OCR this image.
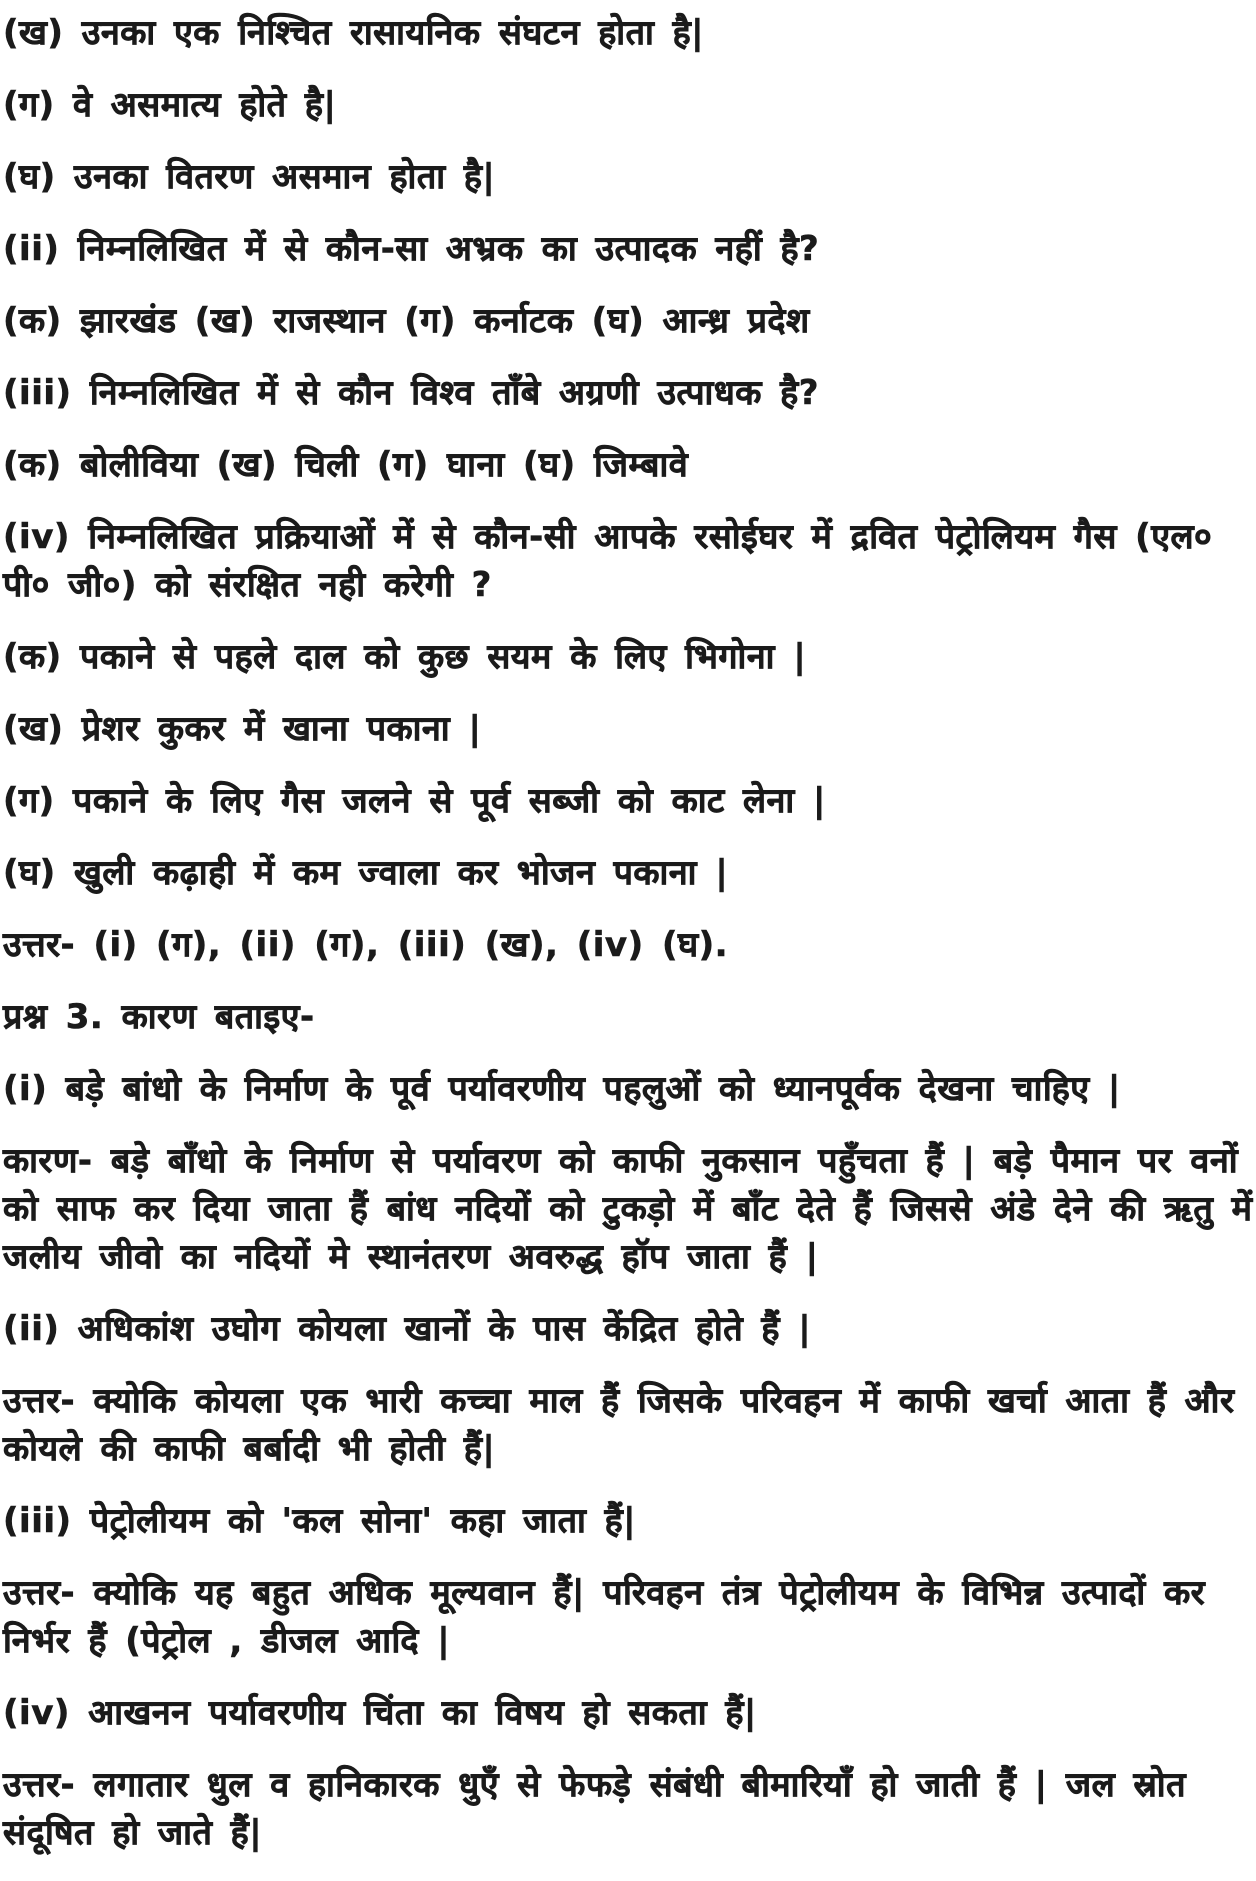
(ख) उनका एक निश्चित रासायनिक संघटन होता है|
(ग) वे असमात्य होते है|
(घ) उनका वितरण असमान होता है|
(ii) निम्नलिखित में से कौन-सा अभ्रक का उत्पादक नहीं है?
(क) झारखंड (ख) राजस्थान (ग) कर्नाटक (घ) आन्ध्र प्रदेश
(iii) निम्नलिखित में से कौन विश्व ताँबे अग्रणी उत्पाधक है?
(क) बोलीविया (ख) चिली (ग) घाना (घ) जिम्बावे
(iv) निम्नलिखित प्रक्रियाओं में से कौन-सी आपके रसोईघर में द्रवित पेट्रोलियम गैस (एल० पी० जी०) को संरक्षित नही करेगी ?
(क) पकाने से पहले दाल को कुछ सयम के लिए भिगोना |
(ख) प्रेशर कुकर में खाना पकाना |
(ग) पकाने के लिए गैस जलने से पूर्व सब्जी को काट लेना |
(घ) खुली कढ़ाही में कम ज्वाला कर भोजन पकाना |
उत्तर- (i) (ग), (ii) (ग), (iii) (ख), (iv) (घ).
प्रश्न 3. कारण बताइए-
(i) बड़े बांधो के निर्माण के पूर्व पर्यावरणीय पहलुओं को ध्यानपूर्वक देखना चाहिए |
कारण- बड़े बाँधो के निर्माण से पर्यावरण को काफी नुकसान पहुँचता हैं | बड़े पैमान पर वनों को साफ कर दिया जाता हैं बांध नदियों को टुकड़ो में बाँट देते हैं जिससे अंडे देने की ऋतु में जलीय जीवो का नदियों मे स्थानंतरण अवरुद्ध हॉप जाता हैं |
(ii) अधिकांश उघोग कोयला खानों के पास केंद्रित होते हैं |
उत्तर- क्योकि कोयला एक भारी कच्चा माल हैं जिसके परिवहन में काफी खर्चा आता हैं और कोयले की काफी बर्बादी भी होती हैं|
(iii) पेट्रोलीयम को 'कल सोना' कहा जाता हैं|
उत्तर- क्योकि यह बहुत अधिक मूल्यवान हैं| परिवहन तंत्र पेट्रोलीयम के विभिन्न उत्पादों कर निर्भर हैं (पेट्रोल , डीजल आदि |
(iv) आखनन पर्यावरणीय चिंता का विषय हो सकता हैं|
उत्तर- लगातार धुल व हानिकारक धुएँ से फेफड़े संबंधी बीमारियाँ हो जाती हैं | जल स्रोत संदूषित हो जाते हैं|
